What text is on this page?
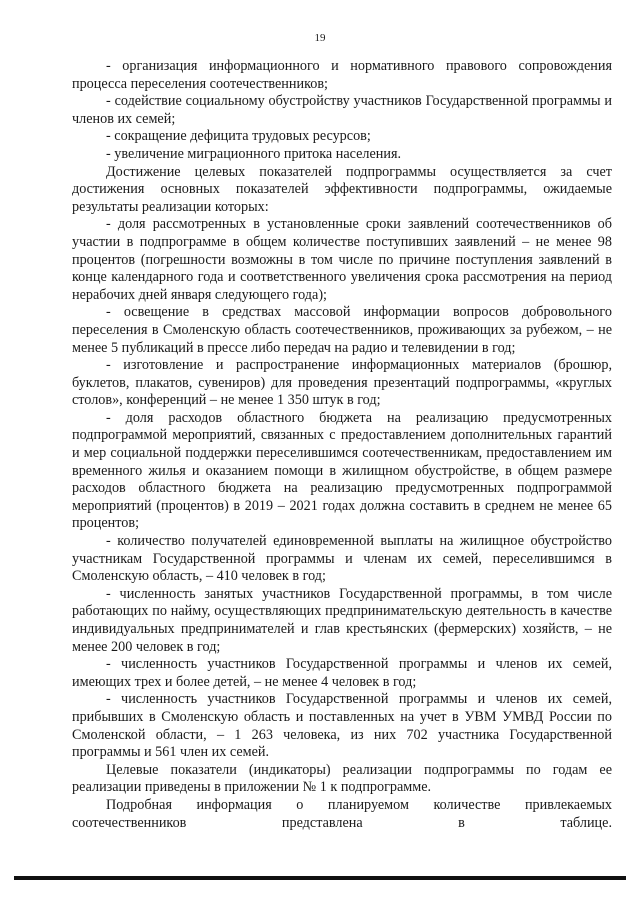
19

- организация информационного и нормативного правового сопровождения процесса переселения соотечественников;

- содействие социальному обустройству участников Государственной программы и членов их семей;

- сокращение дефицита трудовых ресурсов;

- увеличение миграционного притока населения.

Достижение целевых показателей подпрограммы осуществляется за счет достижения основных показателей эффективности подпрограммы, ожидаемые результаты реализации которых:

- доля рассмотренных в установленные сроки заявлений соотечественников об участии в подпрограмме в общем количестве поступивших заявлений – не менее 98 процентов (погрешности возможны в том числе по причине поступления заявлений в конце календарного года и соответственного увеличения срока рассмотрения на период нерабочих дней января следующего года);

- освещение в средствах массовой информации вопросов добровольного переселения в Смоленскую область соотечественников, проживающих за рубежом, – не менее 5 публикаций в прессе либо передач на радио и телевидении в год;

- изготовление и распространение информационных материалов (брошюр, буклетов, плакатов, сувениров) для проведения презентаций подпрограммы, «круглых столов», конференций – не менее 1 350 штук в год;

- доля расходов областного бюджета на реализацию предусмотренных подпрограммой мероприятий, связанных с предоставлением дополнительных гарантий и мер социальной поддержки переселившимся соотечественникам, предоставлением им временного жилья и оказанием помощи в жилищном обустройстве, в общем размере расходов областного бюджета на реализацию предусмотренных подпрограммой мероприятий (процентов) в 2019 – 2021 годах должна составить в среднем не менее 65 процентов;

- количество получателей единовременной выплаты на жилищное обустройство участникам Государственной программы и членам их семей, переселившимся в Смоленскую область, – 410 человек в год;

- численность занятых участников Государственной программы, в том числе работающих по найму, осуществляющих предпринимательскую деятельность в качестве индивидуальных предпринимателей и глав крестьянских (фермерских) хозяйств, – не менее 200 человек в год;

- численность участников Государственной программы и членов их семей, имеющих трех и более детей, – не менее 4 человек в год;

- численность участников Государственной программы и членов их семей, прибывших в Смоленскую область и поставленных на учет в УВМ УМВД России по Смоленской области, – 1 263 человека, из них 702 участника Государственной программы и 561 член их семей.

Целевые показатели (индикаторы) реализации подпрограммы по годам ее реализации приведены в приложении № 1 к подпрограмме.

Подробная информация о планируемом количестве привлекаемых соотечественников представлена в таблице.
